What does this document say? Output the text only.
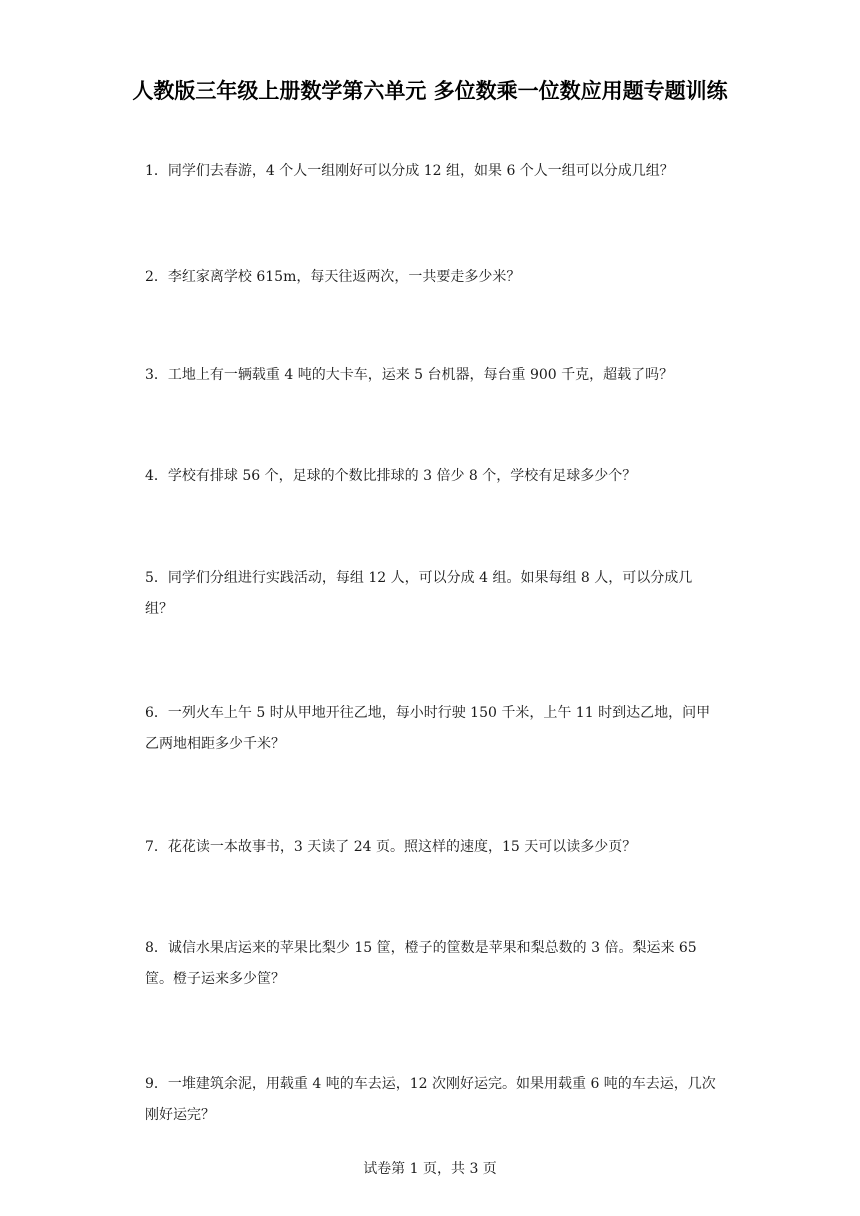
人教版三年级上册数学第六单元 多位数乘一位数应用题专题训练
1．同学们去春游，4 个人一组刚好可以分成 12 组，如果 6 个人一组可以分成几组？
2．李红家离学校 615m，每天往返两次，一共要走多少米？
3．工地上有一辆载重 4 吨的大卡车，运来 5 台机器，每台重 900 千克，超载了吗？
4．学校有排球 56 个，足球的个数比排球的 3 倍少 8 个，学校有足球多少个？
5．同学们分组进行实践活动，每组 12 人，可以分成 4 组。如果每组 8 人，可以分成几组？
6．一列火车上午 5 时从甲地开往乙地，每小时行驶 150 千米，上午 11 时到达乙地，问甲乙两地相距多少千米？
7．花花读一本故事书，3 天读了 24 页。照这样的速度，15 天可以读多少页？
8．诚信水果店运来的苹果比梨少 15 筐，橙子的筐数是苹果和梨总数的 3 倍。梨运来 65 筐。橙子运来多少筐？
9．一堆建筑余泥，用载重 4 吨的车去运，12 次刚好运完。如果用载重 6 吨的车去运，几次刚好运完？
试卷第 1 页，共 3 页
